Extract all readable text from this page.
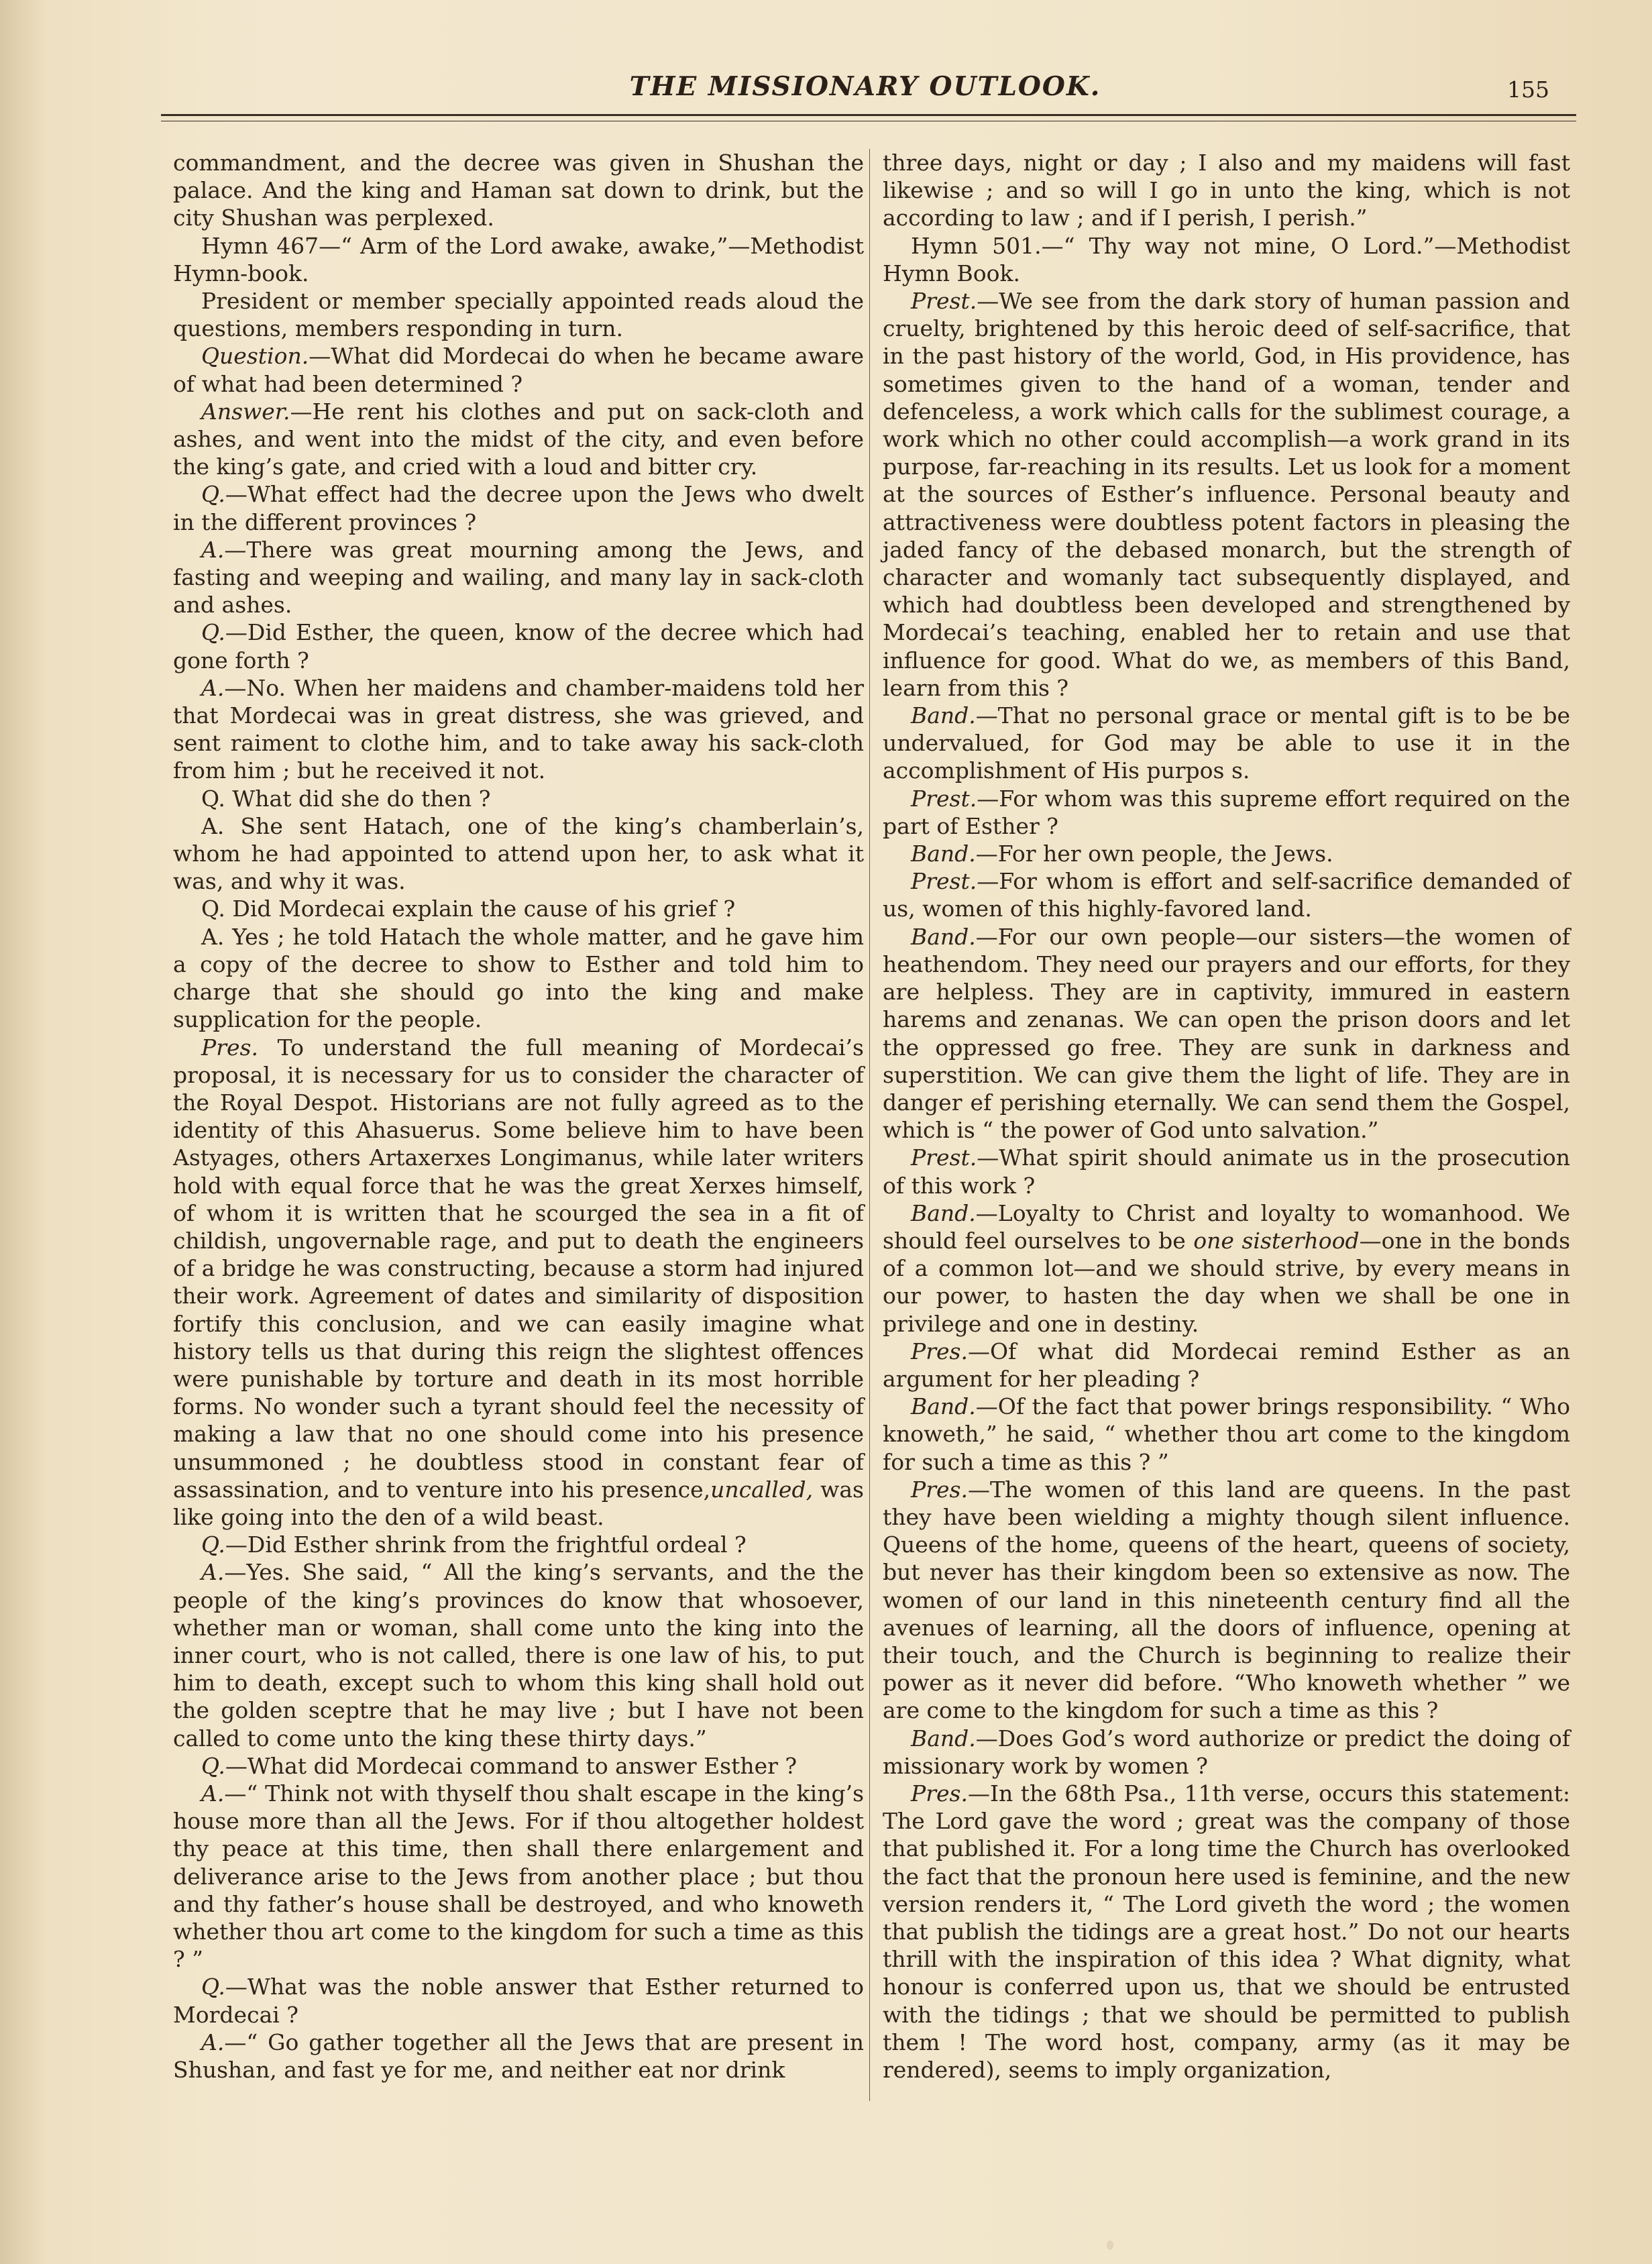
THE MISSIONARY OUTLOOK.	155

commandment, and the decree was given in Shushan the palace. And the king and Haman sat down to drink, but the city Shushan was perplexed.

Hymn 467—“ Arm of the Lord awake, awake,”—Methodist Hymn-book.

President or member specially appointed reads aloud the questions, members responding in turn.

Question.—What did Mordecai do when he became aware of what had been determined ?

Answer.—He rent his clothes and put on sack-cloth and ashes, and went into the midst of the city, and even before the king’s gate, and cried with a loud and bitter cry.

Q.—What effect had the decree upon the Jews who dwelt in the different provinces ?

A.—There was great mourning among the Jews, and fasting and weeping and wailing, and many lay in sack-cloth and ashes.

Q.—Did Esther, the queen, know of the decree which had gone forth ?

A.—No. When her maidens and chamber-maidens told her that Mordecai was in great distress, she was grieved, and sent raiment to clothe him, and to take away his sack-cloth from him ; but he received it not.

Q. What did she do then ?

A. She sent Hatach, one of the king’s chamberlain’s, whom he had appointed to attend upon her, to ask what it was, and why it was.

Q. Did Mordecai explain the cause of his grief ?

A. Yes ; he told Hatach the whole matter, and he gave him a copy of the decree to show to Esther and told him to charge that she should go into the king and make supplication for the people.

Pres. To understand the full meaning of Mordecai’s proposal, it is necessary for us to consider the character of the Royal Despot. Historians are not fully agreed as to the identity of this Ahasuerus. Some believe him to have been Astyages, others Artaxerxes Longimanus, while later writers hold with equal force that he was the great Xerxes himself, of whom it is written that he scourged the sea in a fit of childish, ungovernable rage, and put to death the engineers of a bridge he was constructing, because a storm had injured their work. Agreement of dates and similarity of disposition fortify this conclusion, and we can easily imagine what history tells us that during this reign the slightest offences were punishable by torture and death in its most horrible forms. No wonder such a tyrant should feel the necessity of making a law that no one should come into his presence unsummoned ; he doubtless stood in constant fear of assassination, and to venture into his presence,uncalled, was like going into the den of a wild beast.

Q.—Did Esther shrink from the frightful ordeal ?

A.—Yes. She said, “ All the king’s servants, and the the people of the king’s provinces do know that whosoever, whether man or woman, shall come unto the king into the inner court, who is not called, there is one law of his, to put him to death, except such to whom this king shall hold out the golden sceptre that he may live ; but I have not been called to come unto the king these thirty days.”

Q.—What did Mordecai command to answer Esther ?

A.—“ Think not with thyself thou shalt escape in the king’s house more than all the Jews. For if thou altogether holdest thy peace at this time, then shall there enlargement and deliverance arise to the Jews from another place ; but thou and thy father’s house shall be destroyed, and who knoweth whether thou art come to the kingdom for such a time as this ? ”

Q.—What was the noble answer that Esther returned to Mordecai ?

A.—“ Go gather together all the Jews that are present in Shushan, and fast ye for me, and neither eat nor drink

three days, night or day ; I also and my maidens will fast likewise ; and so will I go in unto the king, which is not according to law ; and if I perish, I perish.”

Hymn 501.—“ Thy way not mine, O Lord.”—Methodist Hymn Book.

Prest.—We see from the dark story of human passion and cruelty, brightened by this heroic deed of self-sacrifice, that in the past history of the world, God, in His providence, has sometimes given to the hand of a woman, tender and defenceless, a work which calls for the sublimest courage, a work which no other could accomplish—a work grand in its purpose, far-reaching in its results. Let us look for a moment at the sources of Esther’s influence. Personal beauty and attractiveness were doubtless potent factors in pleasing the jaded fancy of the debased monarch, but the strength of character and womanly tact subsequently displayed, and which had doubtless been developed and strengthened by Mordecai’s teaching, enabled her to retain and use that influence for good. What do we, as members of this Band, learn from this ?

Band.—That no personal grace or mental gift is to be be undervalued, for God may be able to use it in the accomplishment of His purpos s.

Prest.—For whom was this supreme effort required on the part of Esther ?

Band.—For her own people, the Jews.

Prest.—For whom is effort and self-sacrifice demanded of us, women of this highly-favored land.

Band.—For our own people—our sisters—the women of heathendom. They need our prayers and our efforts, for they are helpless. They are in captivity, immured in eastern harems and zenanas. We can open the prison doors and let the oppressed go free. They are sunk in darkness and superstition. We can give them the light of life. They are in danger ef perishing eternally. We can send them the Gospel, which is “ the power of God unto salvation.”

Prest.—What spirit should animate us in the prosecution of this work ?

Band.—Loyalty to Christ and loyalty to womanhood. We should feel ourselves to be one sisterhood—one in the bonds of a common lot—and we should strive, by every means in our power, to hasten the day when we shall be one in privilege and one in destiny.

Pres.—Of what did Mordecai remind Esther as an argument for her pleading ?

Band.—Of the fact that power brings responsibility. “ Who knoweth,” he said, “ whether thou art come to the kingdom for such a time as this ? ”

Pres.—The women of this land are queens. In the past they have been wielding a mighty though silent influence. Queens of the home, queens of the heart, queens of society, but never has their kingdom been so extensive as now. The women of our land in this nineteenth century find all the avenues of learning, all the doors of influence, opening at their touch, and the Church is beginning to realize their power as it never did before. “Who knoweth whether ” we are come to the kingdom for such a time as this ?

Band.—Does God’s word authorize or predict the doing of missionary work by women ?

Pres.—In the 68th Psa., 11th verse, occurs this statement: The Lord gave the word ; great was the company of those that published it. For a long time the Church has overlooked the fact that the pronoun here used is feminine, and the new version renders it, “ The Lord giveth the word ; the women that publish the tidings are a great host.” Do not our hearts thrill with the inspiration of this idea ? What dignity, what honour is conferred upon us, that we should be entrusted with the tidings ; that we should be permitted to publish them ! The word host, company, army (as it may be rendered), seems to imply organization,
